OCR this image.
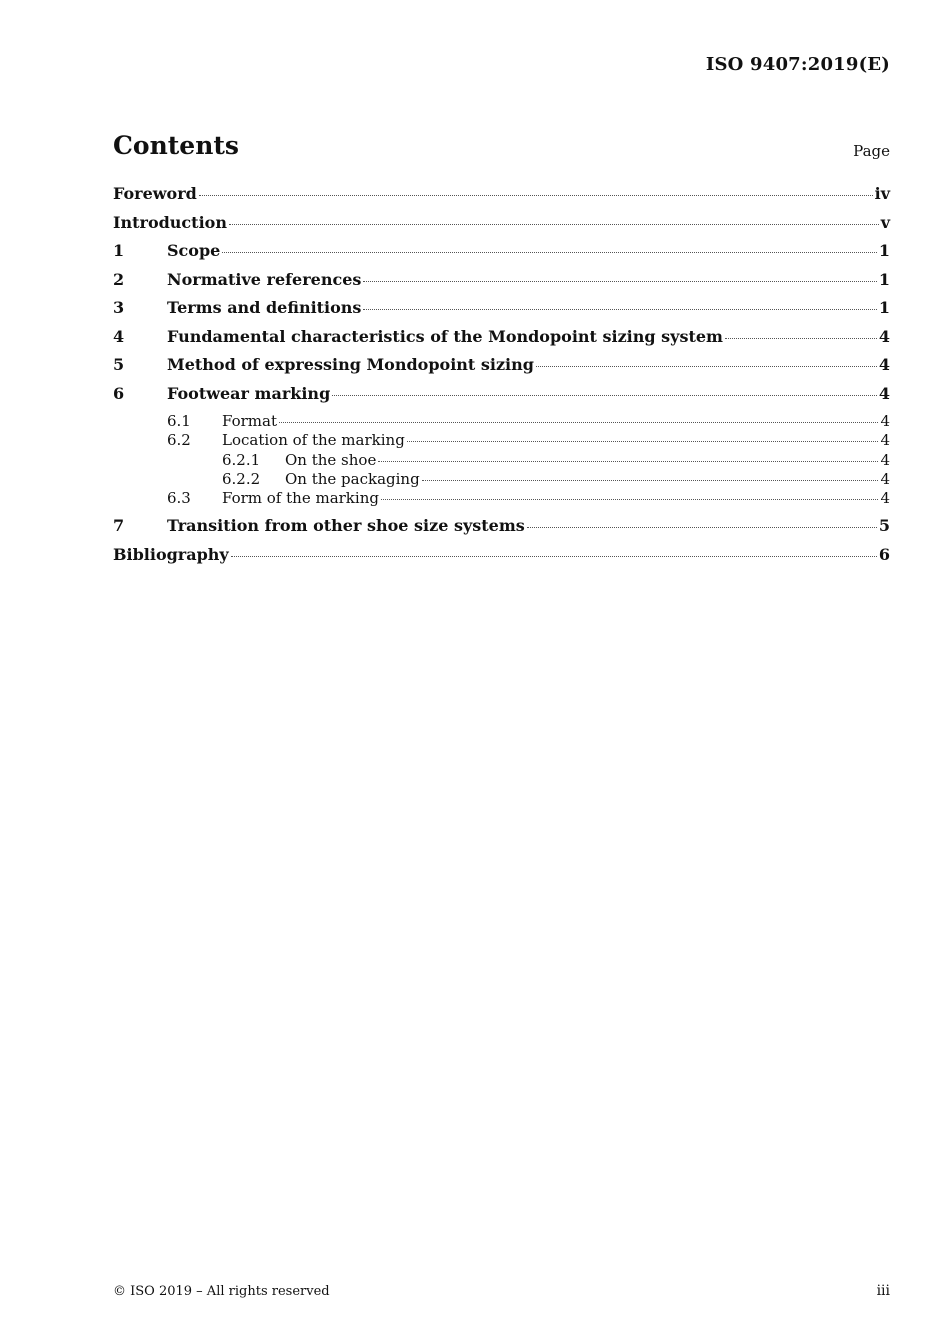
ISO 9407:2019(E)
Contents	Page
Foreword	iv
Introduction	v
1	Scope	1
2	Normative references	1
3	Terms and definitions	1
4	Fundamental characteristics of the Mondopoint sizing system	4
5	Method of expressing Mondopoint sizing	4
6	Footwear marking	4
6.1	Format	4
6.2	Location of the marking	4
6.2.1	On the shoe	4
6.2.2	On the packaging	4
6.3	Form of the marking	4
7	Transition from other shoe size systems	5
Bibliography	6
© ISO 2019 – All rights reserved	iii
